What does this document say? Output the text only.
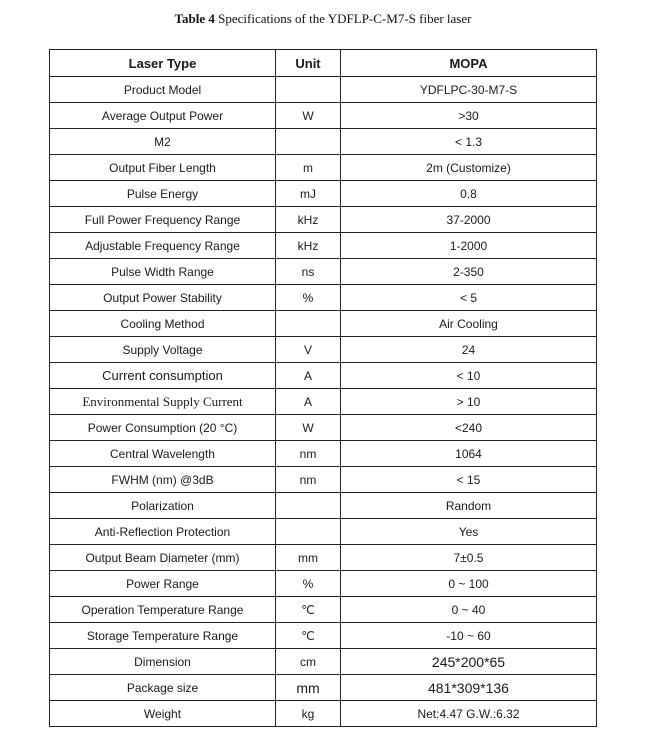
Table 4 Specifications of the YDFLP-C-M7-S fiber laser
Laser Type	Unit	MOPA
Product Model		YDFLPC-30-M7-S
Average Output Power	W	>30
M2		< 1.3
Output Fiber Length	m	2m (Customize)
Pulse Energy	mJ	0.8
Full Power Frequency Range	kHz	37-2000
Adjustable Frequency Range	kHz	1-2000
Pulse Width Range	ns	2-350
Output Power Stability	%	< 5
Cooling Method		Air Cooling
Supply Voltage	V	24
Current consumption	A	< 10
Environmental Supply Current	A	> 10
Power Consumption (20 °C)	W	<240
Central Wavelength	nm	1064
FWHM (nm) @3dB	nm	< 15
Polarization		Random
Anti-Reflection Protection		Yes
Output Beam Diameter (mm)	mm	7±0.5
Power Range	%	0 ~ 100
Operation Temperature Range	℃	0 ~ 40
Storage Temperature Range	℃	-10 ~ 60
Dimension	cm	245*200*65
Package size	mm	481*309*136
Weight	kg	Net:4.47 G.W.:6.32
